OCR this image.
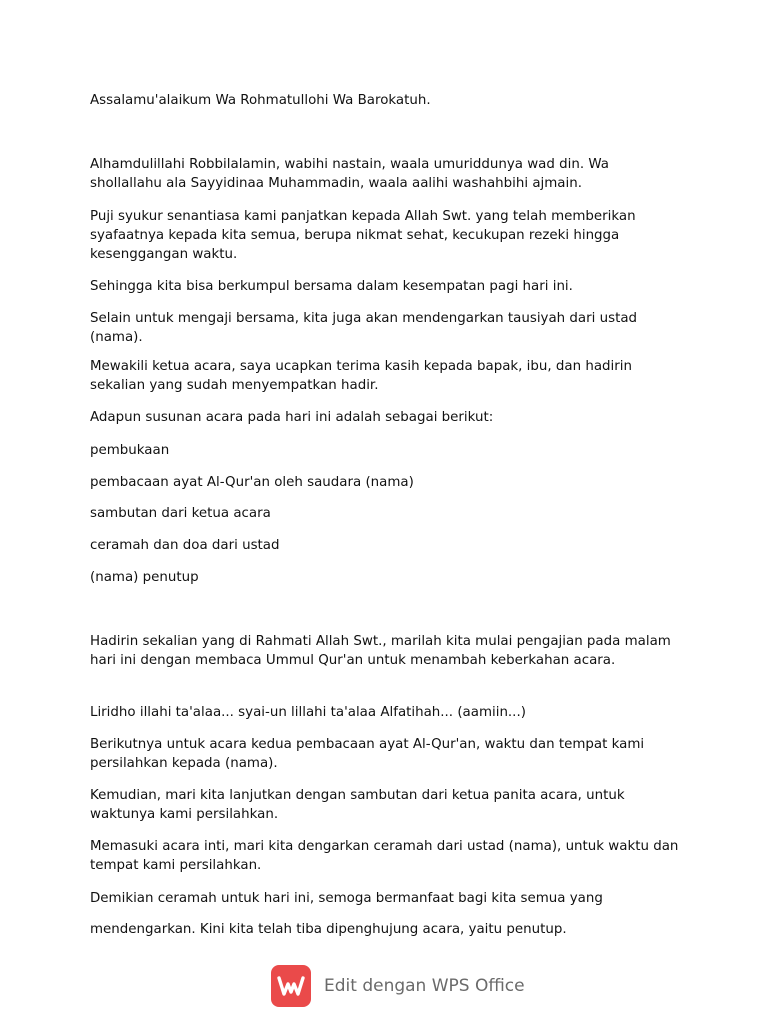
Assalamu'alaikum Wa Rohmatullohi Wa Barokatuh.

Alhamdulillahi Robbilalamin, wabihi nastain, waala umuriddunya wad din. Wa shollallahu ala Sayyidinaa Muhammadin, waala aalihi washahbihi ajmain.

Puji syukur senantiasa kami panjatkan kepada Allah Swt. yang telah memberikan syafaatnya kepada kita semua, berupa nikmat sehat, kecukupan rezeki hingga kesenggangan waktu.

Sehingga kita bisa berkumpul bersama dalam kesempatan pagi hari ini.

Selain untuk mengaji bersama, kita juga akan mendengarkan tausiyah dari ustad (nama).

Mewakili ketua acara, saya ucapkan terima kasih kepada bapak, ibu, dan hadirin sekalian yang sudah menyempatkan hadir.

Adapun susunan acara pada hari ini adalah sebagai berikut:

pembukaan

pembacaan ayat Al-Qur'an oleh saudara (nama)

sambutan dari ketua acara

ceramah dan doa dari ustad

(nama) penutup

Hadirin sekalian yang di Rahmati Allah Swt., marilah kita mulai pengajian pada malam hari ini dengan membaca Ummul Qur'an untuk menambah keberkahan acara.

Liridho illahi ta'alaa... syai-un lillahi ta'alaa Alfatihah... (aamiin...)

Berikutnya untuk acara kedua pembacaan ayat Al-Qur'an, waktu dan tempat kami persilahkan kepada (nama).

Kemudian, mari kita lanjutkan dengan sambutan dari ketua panita acara, untuk waktunya kami persilahkan.

Memasuki acara inti, mari kita dengarkan ceramah dari ustad (nama), untuk waktu dan tempat kami persilahkan.

Demikian ceramah untuk hari ini, semoga bermanfaat bagi kita semua yang

mendengarkan. Kini kita telah tiba dipenghujung acara, yaitu penutup.

Edit dengan WPS Office
